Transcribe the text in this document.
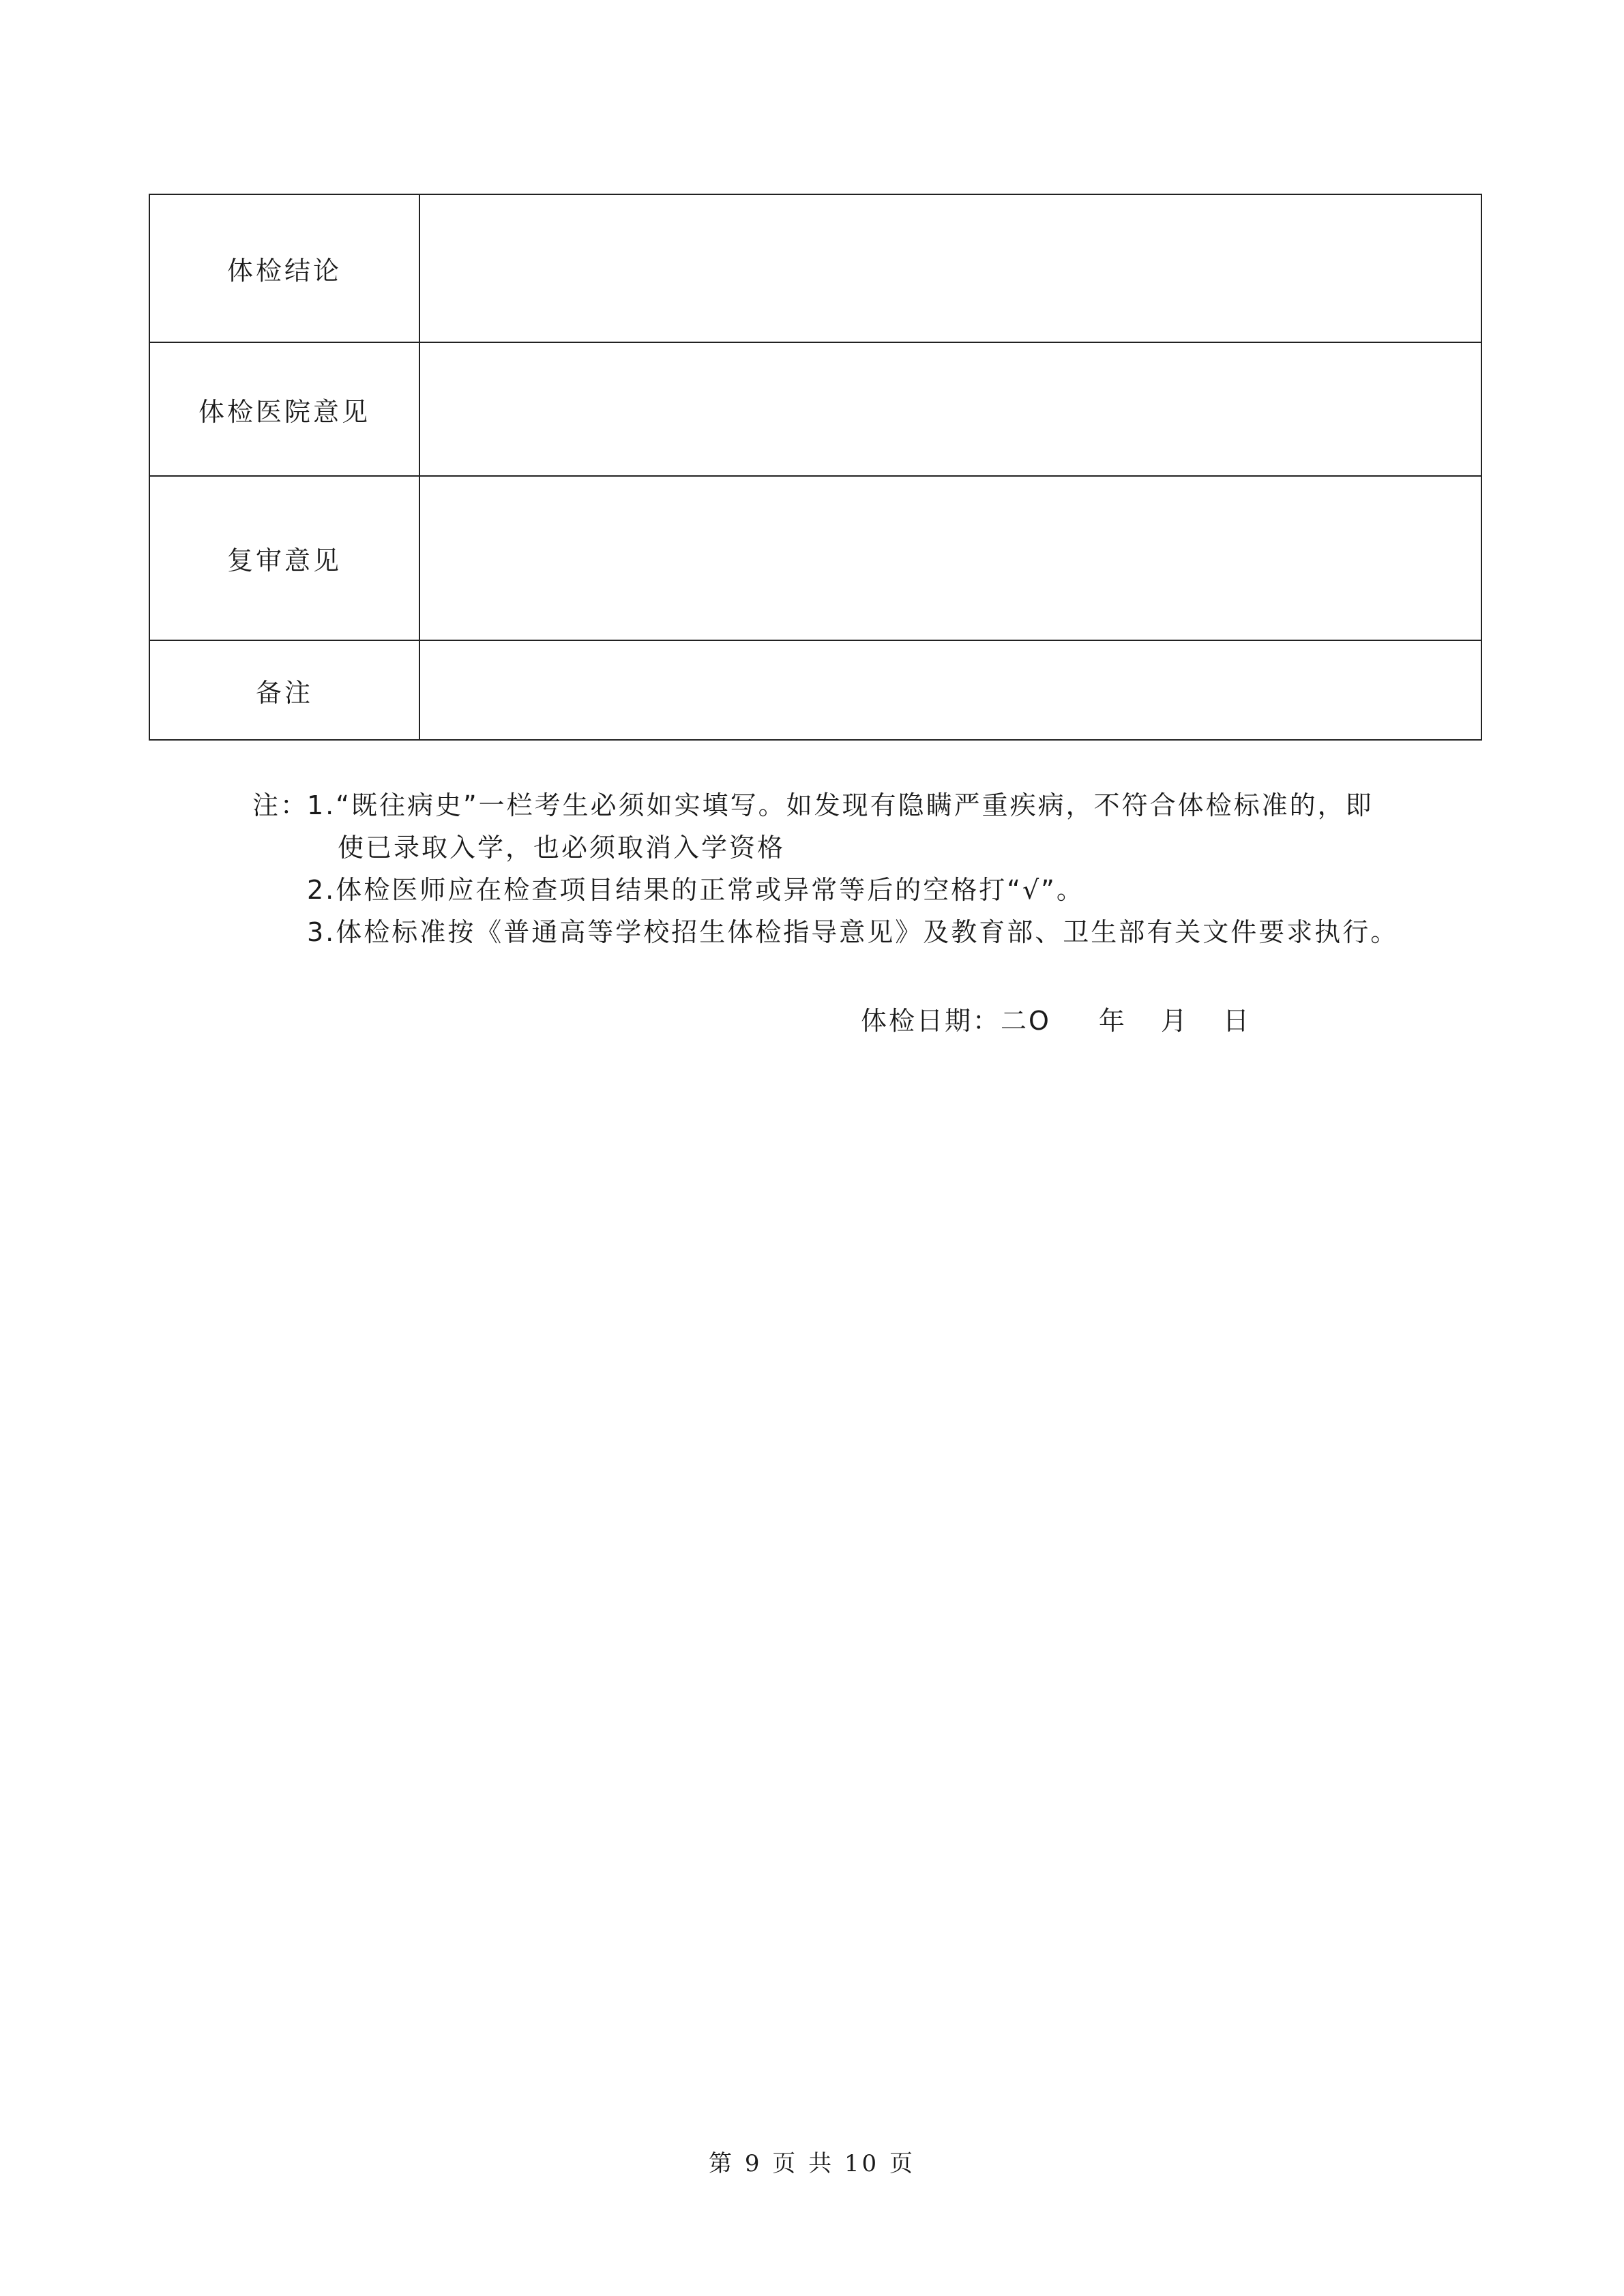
体检结论	
体检医院意见	
复审意见	
备注	
注：1.“既往病史”一栏考生必须如实填写。如发现有隐瞒严重疾病，不符合体检标准的，即
使已录取入学，也必须取消入学资格
2.体检医师应在检查项目结果的正常或异常等后的空格打“√”。
3.体检标准按《普通高等学校招生体检指导意见》及教育部、卫生部有关文件要求执行。
体检日期：二O 年 月 日
第 9 页 共 10 页
